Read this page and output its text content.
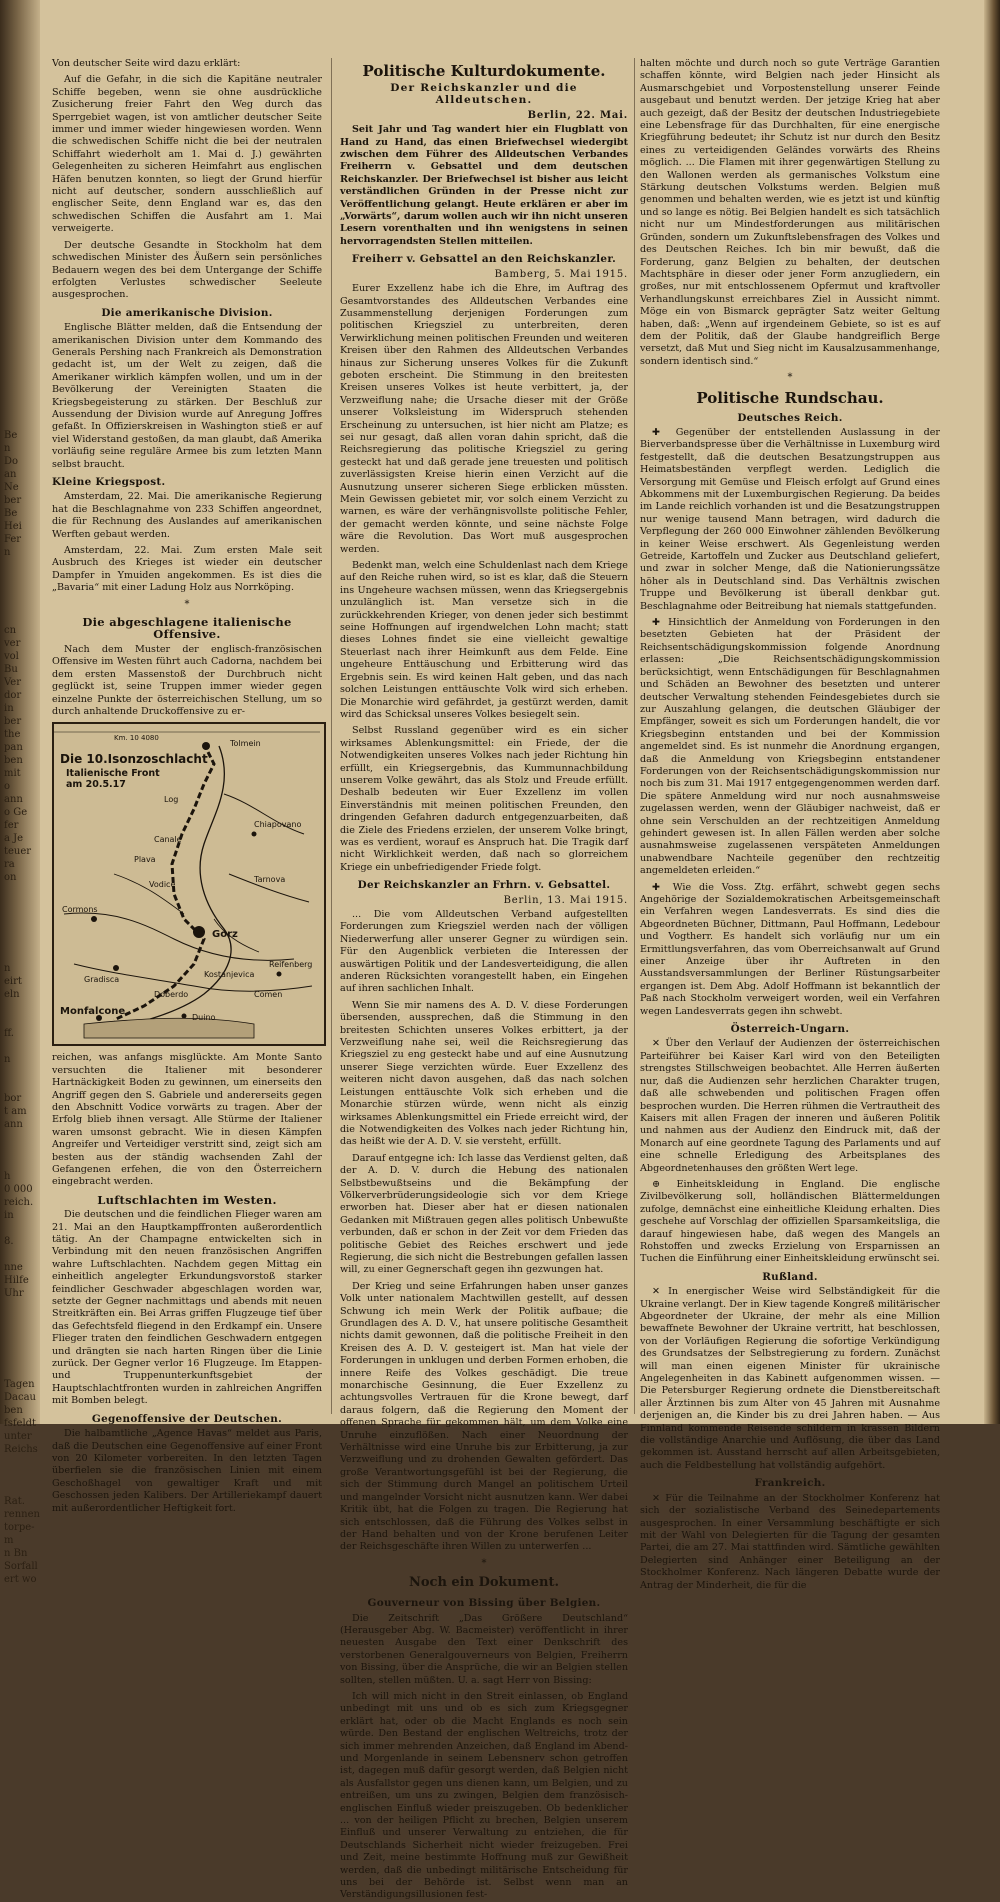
Be
n
Do
an
Ne
ber
Be
Hei
Fer
n
cn
ver
vol
Bu
Ver
dor
in
ber
the
pan
ben
mit
o
ann
o Ge
fer
a Je
teuer
ra
on
n
eirt
eln
ff.
n
bor
t am
ann
h
0 000
reich.
in
8.
nne
Hilfe
Uhr
Tagen
Dacau
ben
fsfeldt
unter
Reichs
Rat.
rennen
torpe-
m
n Bn
Sorfall
ert wo

Von deutscher Seite wird dazu erklärt:

Auf die Gefahr, in die sich die Kapitäne neutraler Schiffe begeben, wenn sie ohne ausdrückliche Zusicherung freier Fahrt den Weg durch das Sperrgebiet wagen, ist von amtlicher deutscher Seite immer und immer wieder hingewiesen worden. Wenn die schwedischen Schiffe nicht die bei der neutralen Schiffahrt wiederholt am 1. Mai d. J.) gewährten Gelegenheiten zu sicheren Heimfahrt aus englischen Häfen benutzen konnten, so liegt der Grund hierfür nicht auf deutscher, sondern ausschließlich auf englischer Seite, denn England war es, das den schwedischen Schiffen die Ausfahrt am 1. Mai verweigerte.

Der deutsche Gesandte in Stockholm hat dem schwedischen Minister des Äußern sein persönliches Bedauern wegen des bei dem Untergange der Schiffe erfolgten Verlustes schwedischer Seeleute ausgesprochen.

Die amerikanische Division.

Englische Blätter melden, daß die Entsendung der amerikanischen Division unter dem Kommando des Generals Pershing nach Frankreich als Demonstration gedacht ist, um der Welt zu zeigen, daß die Amerikaner wirklich kämpfen wollen, und um in der Bevölkerung der Vereinigten Staaten die Kriegsbegeisterung zu stärken. Der Beschluß zur Aussendung der Division wurde auf Anregung Joffres gefaßt. In Offizierskreisen in Washington stieß er auf viel Widerstand gestoßen, da man glaubt, daß Amerika vorläufig seine reguläre Armee bis zum letzten Mann selbst braucht.

Kleine Kriegspost.

Amsterdam, 22. Mai. Die amerikanische Regierung hat die Beschlagnahme von 233 Schiffen angeordnet, die für Rechnung des Auslandes auf amerikanischen Werften gebaut werden.

Amsterdam, 22. Mai. Zum ersten Male seit Ausbruch des Krieges ist wieder ein deutscher Dampfer in Ymuiden angekommen. Es ist dies die „Bavaria“ mit einer Ladung Holz aus Norrköping.

*
Die abgeschlagene italienische Offensive.

Nach dem Muster der englisch-französischen Offensive im Westen führt auch Cadorna, nachdem bei dem ersten Massenstoß der Durchbruch nicht geglückt ist, seine Truppen immer wieder gegen einzelne Punkte der österreichischen Stellung, um so durch anhaltende Druckoffensive zu er-

Km. 10 4080
Die 10.Isonzoschlacht
Italienische Front
am 20.5.17
Tolmein
Log
Canale
Plava
Vodice
Chiapovano
Cormons
Gorz
Tarnova
Gradisca
Doberdo	Comen
Kostanjevica
Reifenberg
Monfalcone
Duino

reichen, was anfangs misglückte. Am Monte Santo versuchten die Italiener mit besonderer Hartnäckigkeit Boden zu gewinnen, um einerseits den Angriff gegen den S. Gabriele und andererseits gegen den Abschnitt Vodice vorwärts zu tragen. Aber der Erfolg blieb ihnen versagt. Alle Stürme der Italiener waren umsonst gebracht. Wie in diesen Kämpfen Angreifer und Verteidiger verstritt sind, zeigt sich am besten aus der ständig wachsenden Zahl der Gefangenen erfehen, die von den Österreichern eingebracht werden.

Luftschlachten im Westen.

Die deutschen und die feindlichen Flieger waren am 21. Mai an den Hauptkampffronten außerordentlich tätig. An der Champagne entwickelten sich in Verbindung mit den neuen französischen Angriffen wahre Luftschlachten. Nachdem gegen Mittag ein einheitlich angelegter Erkundungsvorstoß starker feindlicher Geschwader abgeschlagen worden war, setzte der Gegner nachmittags und abends mit neuen Streitkräften ein. Bei Arras griffen Flugzeuge tief über das Gefechtsfeld fliegend in den Erdkampf ein. Unsere Flieger traten den feindlichen Geschwadern entgegen und drängten sie nach harten Ringen über die Linie zurück. Der Gegner verlor 16 Flugzeuge. Im Etappen- und Truppenunterkunftsgebiet der Hauptschlachtfronten wurden in zahlreichen Angriffen mit Bomben belegt.

Gegenoffensive der Deutschen.

Die halbamtliche „Agence Havas“ meldet aus Paris, daß die Deutschen eine Gegenoffensive auf einer Front von 20 Kilometer vorbereiten. In den letzten Tagen überfielen sie die französischen Linien mit einem Geschoßhagel von gewaltiger Kraft und mit Geschossen jeden Kalibers. Der Artilleriekampf dauert mit außerordentlicher Heftigkeit fort.

Politische Kulturdokumente.
Der Reichskanzler und die Alldeutschen.
Berlin, 22. Mai.

Seit Jahr und Tag wandert hier ein Flugblatt von Hand zu Hand, das einen Briefwechsel wiedergibt zwischen dem Führer des Alldeutschen Verbandes Freiherrn v. Gebsattel und dem deutschen Reichskanzler. Der Briefwechsel ist bisher aus leicht verständlichen Gründen in der Presse nicht zur Veröffentlichung gelangt. Heute erklären er aber im „Vorwärts“, darum wollen auch wir ihn nicht unseren Lesern vorenthalten und ihn wenigstens in seinen hervorragendsten Stellen mitteilen.

Freiherr v. Gebsattel an den Reichskanzler.
Bamberg, 5. Mai 1915.

Eurer Exzellenz habe ich die Ehre, im Auftrag des Gesamtvorstandes des Alldeutschen Verbandes eine Zusammenstellung derjenigen Forderungen zum politischen Kriegsziel zu unterbreiten, deren Verwirklichung meinen politischen Freunden und weiteren Kreisen über den Rahmen des Alldeutschen Verbandes hinaus zur Sicherung unseres Volkes für die Zukunft geboten erscheint. Die Stimmung in den breitesten Kreisen unseres Volkes ist heute verbittert, ja, der Verzweiflung nahe; die Ursache dieser mit der Größe unserer Volksleistung im Widerspruch stehenden Erscheinung zu untersuchen, ist hier nicht am Platze; es sei nur gesagt, daß allen voran dahin spricht, daß die Reichsregierung das politische Kriegsziel zu gering gesteckt hat und daß gerade jene treuesten und politisch zuverlässigsten Kreise hierin einen Verzicht auf die Ausnutzung unserer sicheren Siege erblicken müssten. Mein Gewissen gebietet mir, vor solch einem Verzicht zu warnen, es wäre der verhängnisvollste politische Fehler, der gemacht werden könnte, und seine nächste Folge wäre die Revolution. Das Wort muß ausgesprochen werden.

Bedenkt man, welch eine Schuldenlast nach dem Kriege auf den Reiche ruhen wird, so ist es klar, daß die Steuern ins Ungeheure wachsen müssen, wenn das Kriegsergebnis unzulänglich ist. Man versetze sich in die zurückkehrenden Krieger, von denen jeder sich bestimmt seine Hoffnungen auf irgendwelchen Lohn macht; statt dieses Lohnes findet sie eine vielleicht gewaltige Steuerlast nach ihrer Heimkunft aus dem Felde. Eine ungeheure Enttäuschung und Erbitterung wird das Ergebnis sein. Es wird keinen Halt geben, und das nach solchen Leistungen enttäuschte Volk wird sich erheben. Die Monarchie wird gefährdet, ja gestürzt werden, damit wird das Schicksal unseres Volkes besiegelt sein.

Selbst Russland gegenüber wird es ein sicher wirksames Ablenkungsmittel: ein Friede, der die Notwendigkeiten unseres Volkes nach jeder Richtung hin erfüllt, ein Kriegsergebnis, das Kummunnachbildung unserem Volke gewährt, das als Stolz und Freude erfüllt. Deshalb bedeuten wir Euer Exzellenz im vollen Einverständnis mit meinen politischen Freunden, den dringenden Gefahren dadurch entgegenzuarbeiten, daß die Ziele des Friedens erzielen, der unserem Volke bringt, was es verdient, worauf es Anspruch hat. Die Tragik darf nicht Wirklichkeit werden, daß nach so glorreichem Kriege ein unbefriedigender Friede folgt.

Der Reichskanzler an Frhrn. v. Gebsattel.
Berlin, 13. Mai 1915.

... Die vom Alldeutschen Verband aufgestellten Forderungen zum Kriegsziel werden nach der völligen Niederwerfung aller unserer Gegner zu würdigen sein. Für den Augenblick verbieten die Interessen der auswärtigen Politik und der Landesverteidigung, die allen anderen Rücksichten vorangestellt haben, ein Eingehen auf ihren sachlichen Inhalt.

Wenn Sie mir namens des A. D. V. diese Forderungen übersenden, aussprechen, daß die Stimmung in den breitesten Schichten unseres Volkes erbittert, ja der Verzweiflung nahe sei, weil die Reichsregierung das Kriegsziel zu eng gesteckt habe und auf eine Ausnutzung unserer Siege verzichten würde. Euer Exzellenz des weiteren nicht davon ausgehen, daß das nach solchen Leistungen enttäuschte Volk sich erheben und die Monarchie stürzen würde, wenn nicht als einzig wirksames Ablenkungsmittel ein Friede erreicht wird, der die Notwendigkeiten des Volkes nach jeder Richtung hin, das heißt wie der A. D. V. sie versteht, erfüllt.

Darauf entgegne ich: Ich lasse das Verdienst gelten, daß der A. D. V. durch die Hebung des nationalen Selbstbewußtseins und die Bekämpfung der Völkerverbrüderungsideologie sich vor dem Kriege erworben hat. Dieser aber hat er diesen nationalen Gedanken mit Mißtrauen gegen alles politisch Unbewußte verbunden, daß er schon in der Zeit vor dem Frieden das politische Gebiet des Reiches erschwert und jede Regierung, die sich nicht die Bestrebungen gefallen lassen will, zu einer Gegnerschaft gegen ihn gezwungen hat.

Der Krieg und seine Erfahrungen haben unser ganzes Volk unter nationalem Machtwillen gestellt, auf dessen Schwung ich mein Werk der Politik aufbaue; die Grundlagen des A. D. V., hat unsere politische Gesamtheit nichts damit gewonnen, daß die politische Freiheit in den Kreisen des A. D. V. gesteigert ist. Man hat viele der Forderungen in unklugen und derben Formen erhoben, die innere Reife des Volkes geschädigt. Die treue monarchische Gesinnung, die Euer Exzellenz zu achtungsvolles Vertrauen für die Krone bewegt, darf daraus folgern, daß die Regierung den Moment der offenen Sprache für gekommen hält, um dem Volke eine Unruhe einzuflößen. Nach einer Neuordnung der Verhältnisse wird eine Unruhe bis zur Erbitterung, ja zur Verzweiflung und zu drohenden Gewalten gefördert. Das große Verantwortungsgefühl ist bei der Regierung, die sich der Stimmung durch Mangel an politischem Urteil und mangelnder Vorsicht nicht ausnutzen kann. Wer dabei Kritik übt, hat die Folgen zu tragen. Die Regierung hat sich entschlossen, daß die Führung des Volkes selbst in der Hand behalten und von der Krone berufenen Leiter der Reichsgeschäfte ihren Willen zu unterwerfen ...

*
Noch ein Dokument.
Gouverneur von Bissing über Belgien.

Die Zeitschrift „Das Größere Deutschland“ (Herausgeber Abg. W. Bacmeister) veröffentlicht in ihrer neuesten Ausgabe den Text einer Denkschrift des verstorbenen Generalgouverneurs von Belgien, Freiherrn von Bissing, über die Ansprüche, die wir an Belgien stellen sollten, stellen müßten. U. a. sagt Herr von Bissing:

Ich will mich nicht in den Streit einlassen, ob England unbedingt mit uns und ob es sich zum Kriegsgegner erklärt hat, oder ob die Macht Englands es noch sein würde. Den Bestand der englischen Weltreichs, trotz der sich immer mehrenden Anzeichen, daß England im Abend- und Morgenlande in seinem Lebensnerv schon getroffen ist, dagegen muß dafür gesorgt werden, daß Belgien nicht als Ausfallstor gegen uns dienen kann, um Belgien, und zu entreißen, um uns zu zwingen, Belgien dem französisch-englischen Einfluß wieder preiszugeben. Ob bedenklicher ... von der heiligen Pflicht zu brechen, Belgien unserem Einfluß und unserer Verwaltung zu entziehen, die für Deutschlands Sicherheit nicht wieder freizugeben. Frei und Zeit, meine bestimmte Hoffnung muß zur Gewißheit werden, daß die unbedingt militärische Entscheidung für uns bei der Behörde ist. Selbst wenn man an Verständigungsillusionen fest-

halten möchte und durch noch so gute Verträge Garantien schaffen könnte, wird Belgien nach jeder Hinsicht als Ausmarschgebiet und Vorpostenstellung unserer Feinde ausgebaut und benutzt werden. Der jetzige Krieg hat aber auch gezeigt, daß der Besitz der deutschen Industriegebiete eine Lebensfrage für das Durchhalten, für eine energische Kriegführung bedeutet; ihr Schutz ist nur durch den Besitz eines zu verteidigenden Geländes vorwärts des Rheins möglich. ... Die Flamen mit ihrer gegenwärtigen Stellung zu den Wallonen werden als germanisches Volkstum eine Stärkung deutschen Volkstums werden. Belgien muß genommen und behalten werden, wie es jetzt ist und künftig und so lange es nötig. Bei Belgien handelt es sich tatsächlich nicht nur um Mindestforderungen aus militärischen Gründen, sondern um Zukunftslebensfragen des Volkes und des Deutschen Reiches. Ich bin mir bewußt, daß die Forderung, ganz Belgien zu behalten, der deutschen Machtsphäre in dieser oder jener Form anzugliedern, ein großes, nur mit entschlossenem Opfermut und kraftvoller Verhandlungskunst erreichbares Ziel in Aussicht nimmt. Möge ein von Bismarck geprägter Satz weiter Geltung haben, daß: „Wenn auf irgendeinem Gebiete, so ist es auf dem der Politik, daß der Glaube handgreiflich Berge versetzt, daß Mut und Sieg nicht im Kausalzusammenhange, sondern identisch sind.“

*
Politische Rundschau.
Deutsches Reich.

✚ Gegenüber der entstellenden Auslassung in der Bierverbandspresse über die Verhältnisse in Luxemburg wird festgestellt, daß die deutschen Besatzungstruppen aus Heimatsbeständen verpflegt werden. Lediglich die Versorgung mit Gemüse und Fleisch erfolgt auf Grund eines Abkommens mit der Luxemburgischen Regierung. Da beides im Lande reichlich vorhanden ist und die Besatzungstruppen nur wenige tausend Mann betragen, wird dadurch die Verpflegung der 260 000 Einwohner zählenden Bevölkerung in keiner Weise erschwert. Als Gegenleistung werden Getreide, Kartoffeln und Zucker aus Deutschland geliefert, und zwar in solcher Menge, daß die Nationierungssätze höher als in Deutschland sind. Das Verhältnis zwischen Truppe und Bevölkerung ist überall denkbar gut. Beschlagnahme oder Beitreibung hat niemals stattgefunden.

✚ Hinsichtlich der Anmeldung von Forderungen in den besetzten Gebieten hat der Präsident der Reichsentschädigungskommission folgende Anordnung erlassen: „Die Reichsentschädigungskommission berücksichtigt, wenn Entschädigungen für Beschlagnahmen und Schäden an Bewohner des besetzten und unterer deutscher Verwaltung stehenden Feindesgebietes durch sie zur Auszahlung gelangen, die deutschen Gläubiger der Empfänger, soweit es sich um Forderungen handelt, die vor Kriegsbeginn entstanden und bei der Kommission angemeldet sind. Es ist nunmehr die Anordnung ergangen, daß die Anmeldung von Kriegsbeginn entstandener Forderungen von der Reichsentschädigungskommission nur noch bis zum 31. Mai 1917 entgegengenommen werden darf. Die spätere Anmeldung wird nur noch ausnahmsweise zugelassen werden, wenn der Gläubiger nachweist, daß er ohne sein Verschulden an der rechtzeitigen Anmeldung gehindert gewesen ist. In allen Fällen werden aber solche ausnahmsweise zugelassenen verspäteten Anmeldungen unabwendbare Nachteile gegenüber den rechtzeitig angemeldeten erleiden.“

✚ Wie die Voss. Ztg. erfährt, schwebt gegen sechs Angehörige der Sozialdemokratischen Arbeitsgemeinschaft ein Verfahren wegen Landesverrats. Es sind dies die Abgeordneten Büchner, Dittmann, Paul Hoffmann, Ledebour und Vogtherr. Es handelt sich vorläufig nur um ein Ermittlungsverfahren, das vom Oberreichsanwalt auf Grund einer Anzeige über ihr Auftreten in den Ausstandsversammlungen der Berliner Rüstungsarbeiter ergangen ist. Dem Abg. Adolf Hoffmann ist bekanntlich der Paß nach Stockholm verweigert worden, weil ein Verfahren wegen Landesverrats gegen ihn schwebt.

Österreich-Ungarn.

✕ Über den Verlauf der Audienzen der österreichischen Parteiführer bei Kaiser Karl wird von den Beteiligten strengstes Stillschweigen beobachtet. Alle Herren äußerten nur, daß die Audienzen sehr herzlichen Charakter trugen, daß alle schwebenden und politischen Fragen offen besprochen wurden. Die Herren rühmen die Vertrautheit des Kaisers mit allen Fragen der inneren und äußeren Politik und nahmen aus der Audienz den Eindruck mit, daß der Monarch auf eine geordnete Tagung des Parlaments und auf eine schnelle Erledigung des Arbeitsplanes des Abgeordnetenhauses den größten Wert lege.

⊕ Einheitskleidung in England. Die englische Zivilbevölkerung soll, holländischen Blättermeldungen zufolge, demnächst eine einheitliche Kleidung erhalten. Dies geschehe auf Vorschlag der offiziellen Sparsamkeitsliga, die darauf hingewiesen habe, daß wegen des Mangels an Rohstoffen und zwecks Erzielung von Ersparnissen an Tuchen die Einführung einer Einheitskleidung erwünscht sei.

Rußland.

✕ In energischer Weise wird Selbständigkeit für die Ukraine verlangt. Der in Kiew tagende Kongreß militärischer Abgeordneter der Ukraine, der mehr als eine Million bewaffnete Bewohner der Ukraine vertritt, hat beschlossen, von der Vorläufigen Regierung die sofortige Verkündigung des Grundsatzes der Selbstregierung zu fordern. Zunächst will man einen eigenen Minister für ukrainische Angelegenheiten in das Kabinett aufgenommen wissen. — Die Petersburger Regierung ordnete die Dienstbereitschaft aller Ärztinnen bis zum Alter von 45 Jahren mit Ausnahme derjenigen an, die Kinder bis zu drei Jahren haben. — Aus Finnland kommende Reisende schildern in krassen Bildern die vollständige Anarchie und Auflösung, die über das Land gekommen ist. Ausstand herrscht auf allen Arbeitsgebieten, auch die Feldbestellung hat vollständig aufgehört.

Frankreich.

✕ Für die Teilnahme an der Stockholmer Konferenz hat sich der sozialistische Verband des Seinedepartements ausgesprochen. In einer Versammlung beschäftigte er sich mit der Wahl von Delegierten für die Tagung der gesamten Partei, die am 27. Mai stattfinden wird. Sämtliche gewählten Delegierten sind Anhänger einer Beteiligung an der Stockholmer Konferenz. Nach längeren Debatte wurde der Antrag der Minderheit, die für die
